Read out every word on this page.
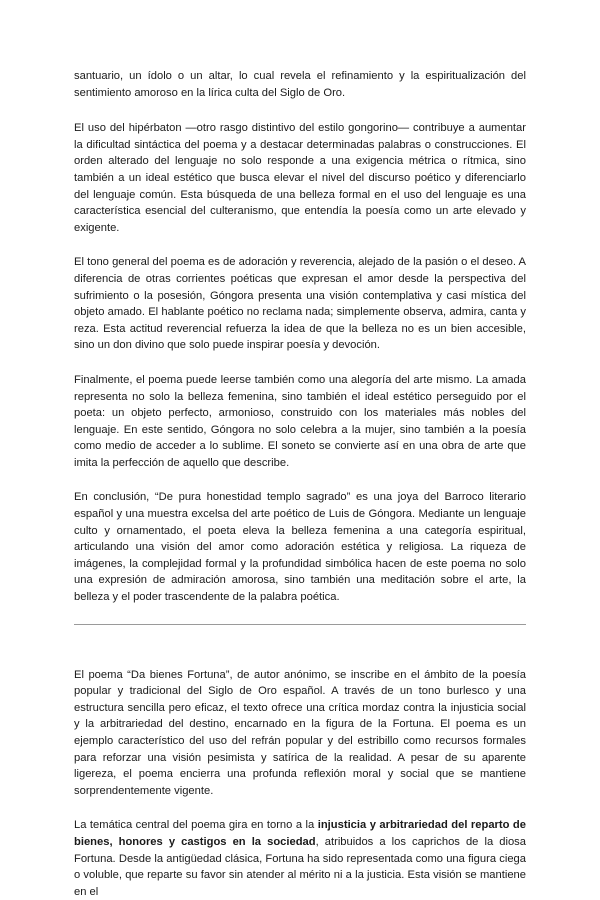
santuario, un ídolo o un altar, lo cual revela el refinamiento y la espiritualización del sentimiento amoroso en la lírica culta del Siglo de Oro.

El uso del hipérbaton —otro rasgo distintivo del estilo gongorino— contribuye a aumentar la dificultad sintáctica del poema y a destacar determinadas palabras o construcciones. El orden alterado del lenguaje no solo responde a una exigencia métrica o rítmica, sino también a un ideal estético que busca elevar el nivel del discurso poético y diferenciarlo del lenguaje común. Esta búsqueda de una belleza formal en el uso del lenguaje es una característica esencial del culteranismo, que entendía la poesía como un arte elevado y exigente.

El tono general del poema es de adoración y reverencia, alejado de la pasión o el deseo. A diferencia de otras corrientes poéticas que expresan el amor desde la perspectiva del sufrimiento o la posesión, Góngora presenta una visión contemplativa y casi mística del objeto amado. El hablante poético no reclama nada; simplemente observa, admira, canta y reza. Esta actitud reverencial refuerza la idea de que la belleza no es un bien accesible, sino un don divino que solo puede inspirar poesía y devoción.

Finalmente, el poema puede leerse también como una alegoría del arte mismo. La amada representa no solo la belleza femenina, sino también el ideal estético perseguido por el poeta: un objeto perfecto, armonioso, construido con los materiales más nobles del lenguaje. En este sentido, Góngora no solo celebra a la mujer, sino también a la poesía como medio de acceder a lo sublime. El soneto se convierte así en una obra de arte que imita la perfección de aquello que describe.

En conclusión, “De pura honestidad templo sagrado” es una joya del Barroco literario español y una muestra excelsa del arte poético de Luis de Góngora. Mediante un lenguaje culto y ornamentado, el poeta eleva la belleza femenina a una categoría espiritual, articulando una visión del amor como adoración estética y religiosa. La riqueza de imágenes, la complejidad formal y la profundidad simbólica hacen de este poema no solo una expresión de admiración amorosa, sino también una meditación sobre el arte, la belleza y el poder trascendente de la palabra poética.

El poema “Da bienes Fortuna”, de autor anónimo, se inscribe en el ámbito de la poesía popular y tradicional del Siglo de Oro español. A través de un tono burlesco y una estructura sencilla pero eficaz, el texto ofrece una crítica mordaz contra la injusticia social y la arbitrariedad del destino, encarnado en la figura de la Fortuna. El poema es un ejemplo característico del uso del refrán popular y del estribillo como recursos formales para reforzar una visión pesimista y satírica de la realidad. A pesar de su aparente ligereza, el poema encierra una profunda reflexión moral y social que se mantiene sorprendentemente vigente.

La temática central del poema gira en torno a la injusticia y arbitrariedad del reparto de bienes, honores y castigos en la sociedad, atribuidos a los caprichos de la diosa Fortuna. Desde la antigüedad clásica, Fortuna ha sido representada como una figura ciega o voluble, que reparte su favor sin atender al mérito ni a la justicia. Esta visión se mantiene en el
